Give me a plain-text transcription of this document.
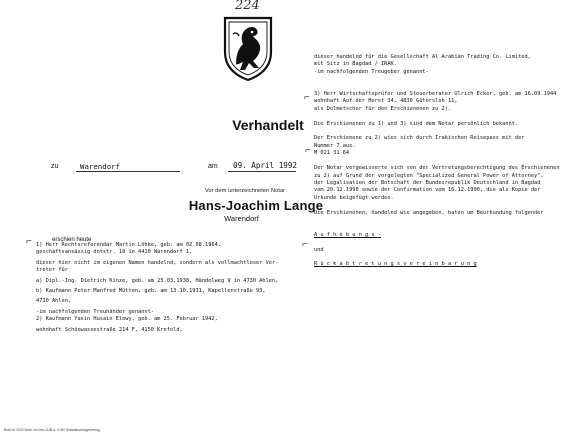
224
Verhandelt
zu	Warendorf	am 09. April 1992
Vor dem unterzeichneten Notar
Hans-Joachim Lange
Warendorf
erschien heute
1) Herr Rechtsreferendar Martin Löhke, geb. am 02.08.1964,
geschäftsansässig dotstr. 18 in 4410 Warendorf 1,
dieser hier nicht im eigenen Namen handelnd, sondern als vollmachtloser Ver-
treter für
a) Dipl.-Ing. Dietrich Kinze, geb. am 25.03.1938, Händelweg 9 in 4730 Ahlen,
b) Kaufmann Peter Manfred Mütten, geb. am 13.10.1931, Kapellenstraße 93,
4730 Ahlen,
-im nachfolgenden Treuhänder genannt-
2) Kaufmann Yasin Husain Elewy, geb. am 25. Februar 1942,
wohnhaft Schöowassestraße 214 F, 4150 Krefeld,
dieser handelnd für die Gesellschaft Al Arabian Trading Co. Limited,
mit Sitz in Bagdad / IRAK.
-im nachfolgenden Treugeber genannt-

3) Herr Wirtschaftsprüfer und Steuerberater Ulrich Ecker, geb. am 16.09.1944
wohnhaft Auf der Horst 34, 4830 Gütersloh 11,
als Dolmetscher für den Erschienenen zu 2).

Die Erschienenen zu 1) und 3) sind dem Notar persönlich bekannt.

Der Erschienene zu 2) wies sich durch Irakischen Reisepass mit der
Nummer 7 aus.
M 021 31 64

Der Notar vergewisserte sich von der Vertretungsberechtigung des Erschienenen
zu 2) auf Grund der vorgelegten "Specialized General Power of Attorney",
der Legalisation der Botschaft der Bundesrepublik Deutschland in Bagdad
vom 20.12.1990 sowie der Confirmation vom 16.12.1990, die als Kopie der
Urkunde beigefügt werden.

Die Erschienenen, handelnd wie angegeben, baten um Beurkundung folgender

A u f h e b u n g s -

und

R ü c k a b t r e t u n g s v e r e i n b a r u n g
⌐
⌐
⌐
⌐
Best-Nr. 0000 Siebt. m/c fest 1198 &. 0.000 Notariatsvorlagenverlag
